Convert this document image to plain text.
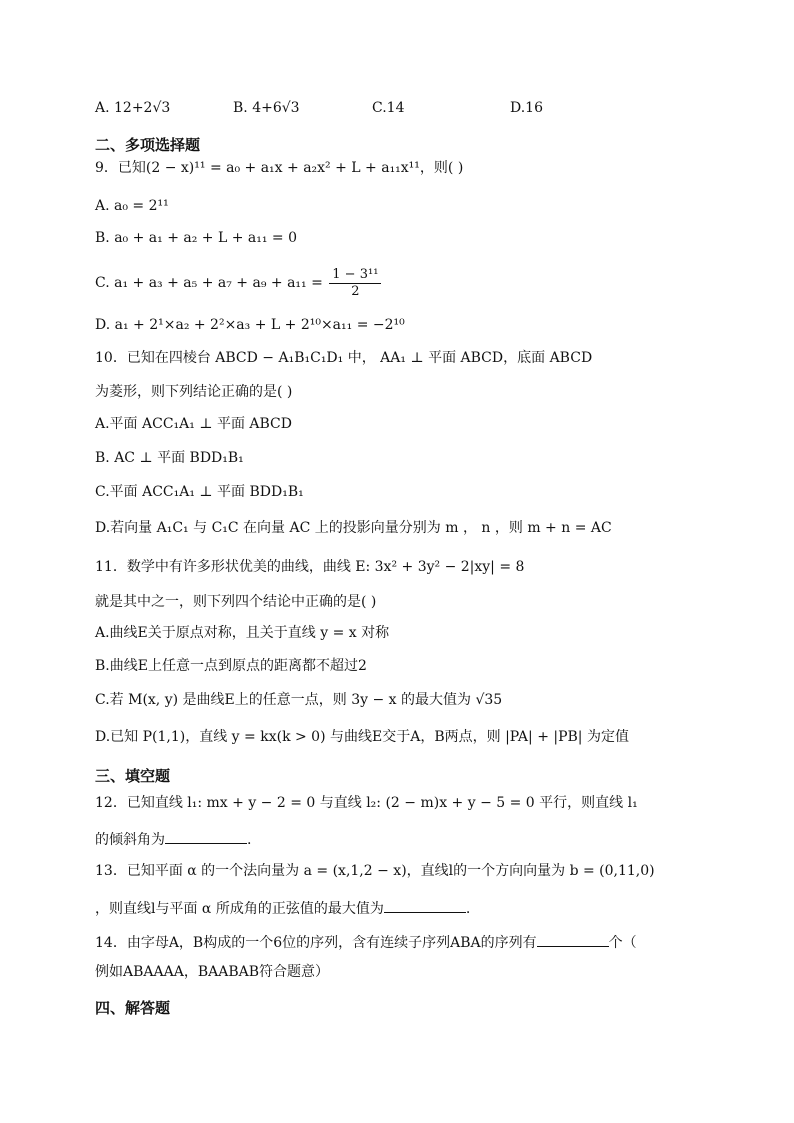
A. 12+2√3	B. 4+6√3	C.14	D.16
二、多项选择题
9．已知(2 − x)¹¹ = a₀ + a₁x + a₂x² + L + a₁₁x¹¹，则( )
A. a₀ = 2¹¹
B. a₀ + a₁ + a₂ + L + a₁₁ = 0
C. $a_1 + a_3 + a_5 + a_7 + a_9 + a_{11} = \frac{\text{1 − 3¹¹}}{2}$
D. a₁ + 2¹×a₂ + 2²×a₃ + L + 2¹⁰×a₁₁ = −2¹⁰
10．已知在四棱台 ABCD − A₁B₁C₁D₁ 中， AA₁ ⊥ 平面 ABCD，底面 ABCD
为菱形，则下列结论正确的是( )
A.平面 ACC₁A₁ ⊥ 平面 ABCD
B. AC ⊥ 平面 BDD₁B₁
C.平面 ACC₁A₁ ⊥ 平面 BDD₁B₁
D.若向量 A₁C₁ 与 C₁C 在向量 AC 上的投影向量分别为 m ， n ，则 m + n = AC
11．数学中有许多形状优美的曲线，曲线 E: 3x² + 3y² − 2|xy| = 8
就是其中之一，则下列四个结论中正确的是( )
A.曲线E关于原点对称，且关于直线 y = x 对称
B.曲线E上任意一点到原点的距离都不超过2
C.若 M(x, y) 是曲线E上的任意一点，则 3y − x 的最大值为 √35
D.已知 P(1,1)，直线 y = kx(k > 0) 与曲线E交于A，B两点，则 |PA| + |PB| 为定值
三、填空题
12．已知直线 l₁: mx + y − 2 = 0 与直线 l₂: (2 − m)x + y − 5 = 0 平行，则直线 l₁
的倾斜角为	.
13．已知平面 α 的一个法向量为 a = (x,1,2 − x)，直线l的一个方向向量为 b = (0,11,0)
，则直线l与平面 α 所成角的正弦值的最大值为	.
14．由字母A，B构成的一个6位的序列，含有连续子序列ABA的序列有	个（
例如ABAAAA，BAABAB符合题意）
四、解答题
